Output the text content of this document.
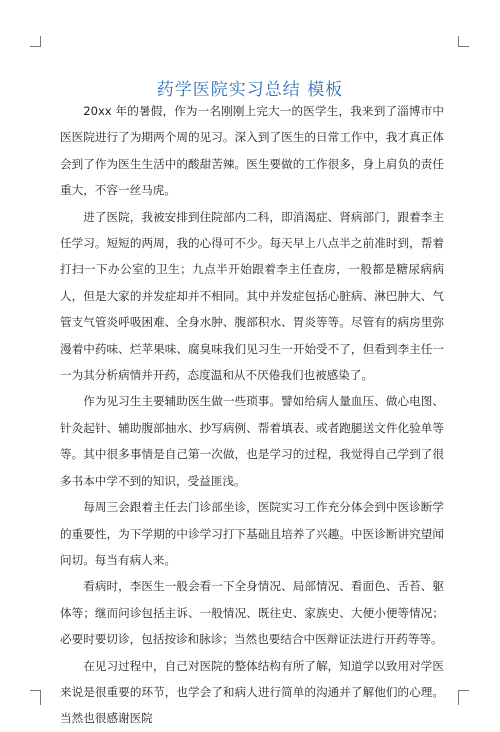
药学医院实习总结 模板

20xx 年的暑假，作为一名刚刚上完大一的医学生，我来到了淄博市中医医院进行了为期两个周的见习。深入到了医生的日常工作中，我才真正体会到了作为医生生活中的酸甜苦辣。医生要做的工作很多，身上肩负的责任重大，不容一丝马虎。

进了医院，我被安排到住院部内二科，即消渴症、肾病部门，跟着李主任学习。短短的两周，我的心得可不少。每天早上八点半之前准时到，帮着打扫一下办公室的卫生；九点半开始跟着李主任查房，一般都是糖尿病病人，但是大家的并发症却并不相同。其中并发症包括心脏病、淋巴肿大、气管支气管炎呼吸困难、全身水肿、腹部积水、胃炎等等。尽管有的病房里弥漫着中药味、烂苹果味、腐臭味我们见习生一开始受不了，但看到李主任一一为其分析病情并开药，态度温和从不厌倦我们也被感染了。

作为见习生主要辅助医生做一些琐事。譬如给病人量血压、做心电图、针灸起针、辅助腹部抽水、抄写病例、帮着填表、或者跑腿送文件化验单等等。其中很多事情是自己第一次做，也是学习的过程，我觉得自己学到了很多书本中学不到的知识，受益匪浅。

每周三会跟着主任去门诊部坐诊，医院实习工作充分体会到中医诊断学的重要性，为下学期的中诊学习打下基础且培养了兴趣。中医诊断讲究望闻问切。每当有病人来。

看病时，李医生一般会看一下全身情况、局部情况、看面色、舌苔、躯体等；继而问诊包括主诉、一般情况、既往史、家族史、大便小便等情况；必要时要切诊，包括按诊和脉诊；当然也要结合中医辩证法进行开药等等。

在见习过程中，自己对医院的整体结构有所了解，知道学以致用对学医来说是很重要的环节，也学会了和病人进行简单的沟通并了解他们的心理。当然也很感谢医院
